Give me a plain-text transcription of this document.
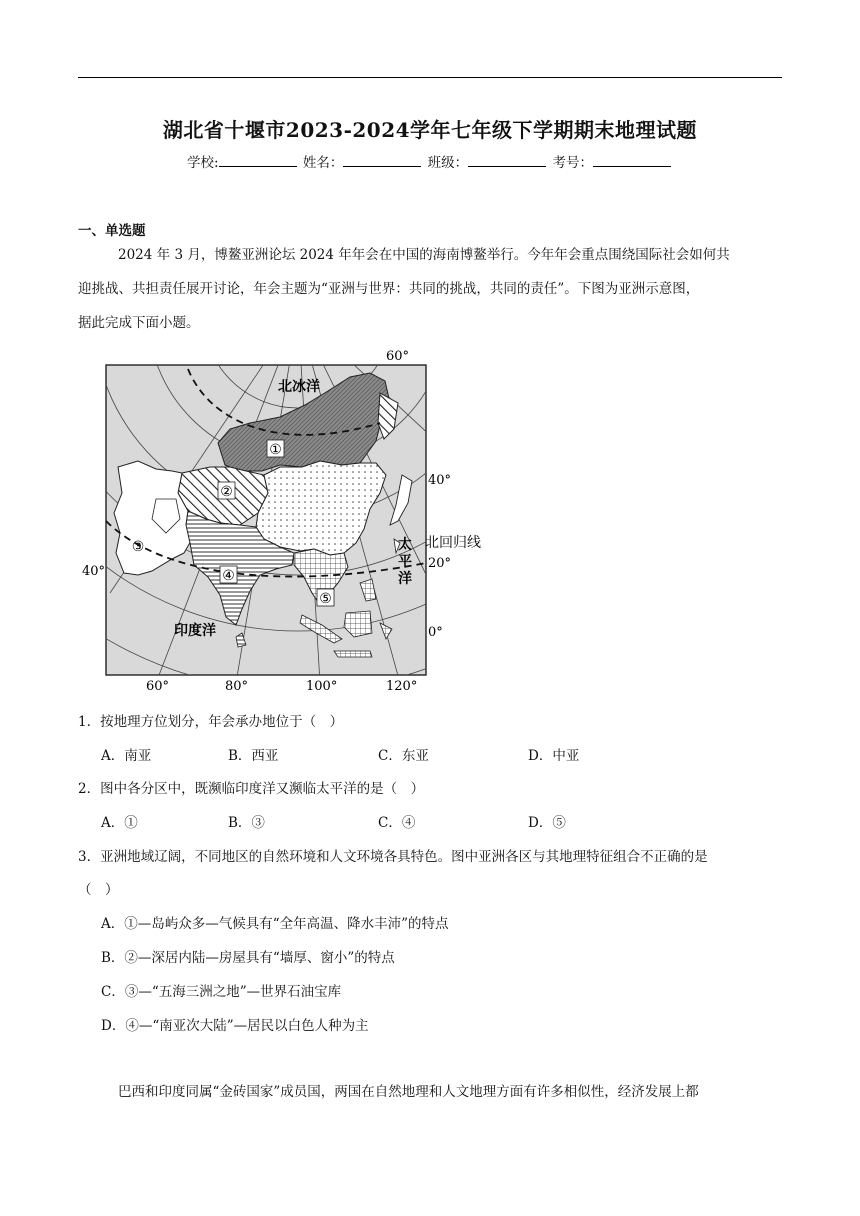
湖北省十堰市2023-2024学年七年级下学期期末地理试题
学校:	姓名：	班级：	考号：
一、单选题
2024 年 3 月，博鳌亚洲论坛 2024 年年会在中国的海南博鳌举行。今年年会重点围绕国际社会如何共
迎挑战、共担责任展开讨论，年会主题为“亚洲与世界：共同的挑战，共同的责任”。下图为亚洲示意图，
据此完成下面小题。
①
②
③
④
⑤
北冰洋
印度洋
太
平
洋
北回归线
60°
40°
20°
0°
40°
60°	80°	100°	120°
1．按地理方位划分，年会承办地位于（　）
A．南亚	B．西亚	C．东亚	D．中亚
2．图中各分区中，既濒临印度洋又濒临太平洋的是（　）
A．①	B．③	C．④	D．⑤
3．亚洲地域辽阔，不同地区的自然环境和人文环境各具特色。图中亚洲各区与其地理特征组合不正确的是
（　）
A．①—岛屿众多—气候具有“全年高温、降水丰沛”的特点
B．②—深居内陆—房屋具有“墙厚、窗小”的特点
C．③—“五海三洲之地”—世界石油宝库
D．④—“南亚次大陆”—居民以白色人种为主
巴西和印度同属“金砖国家”成员国，两国在自然地理和人文地理方面有许多相似性，经济发展上都
